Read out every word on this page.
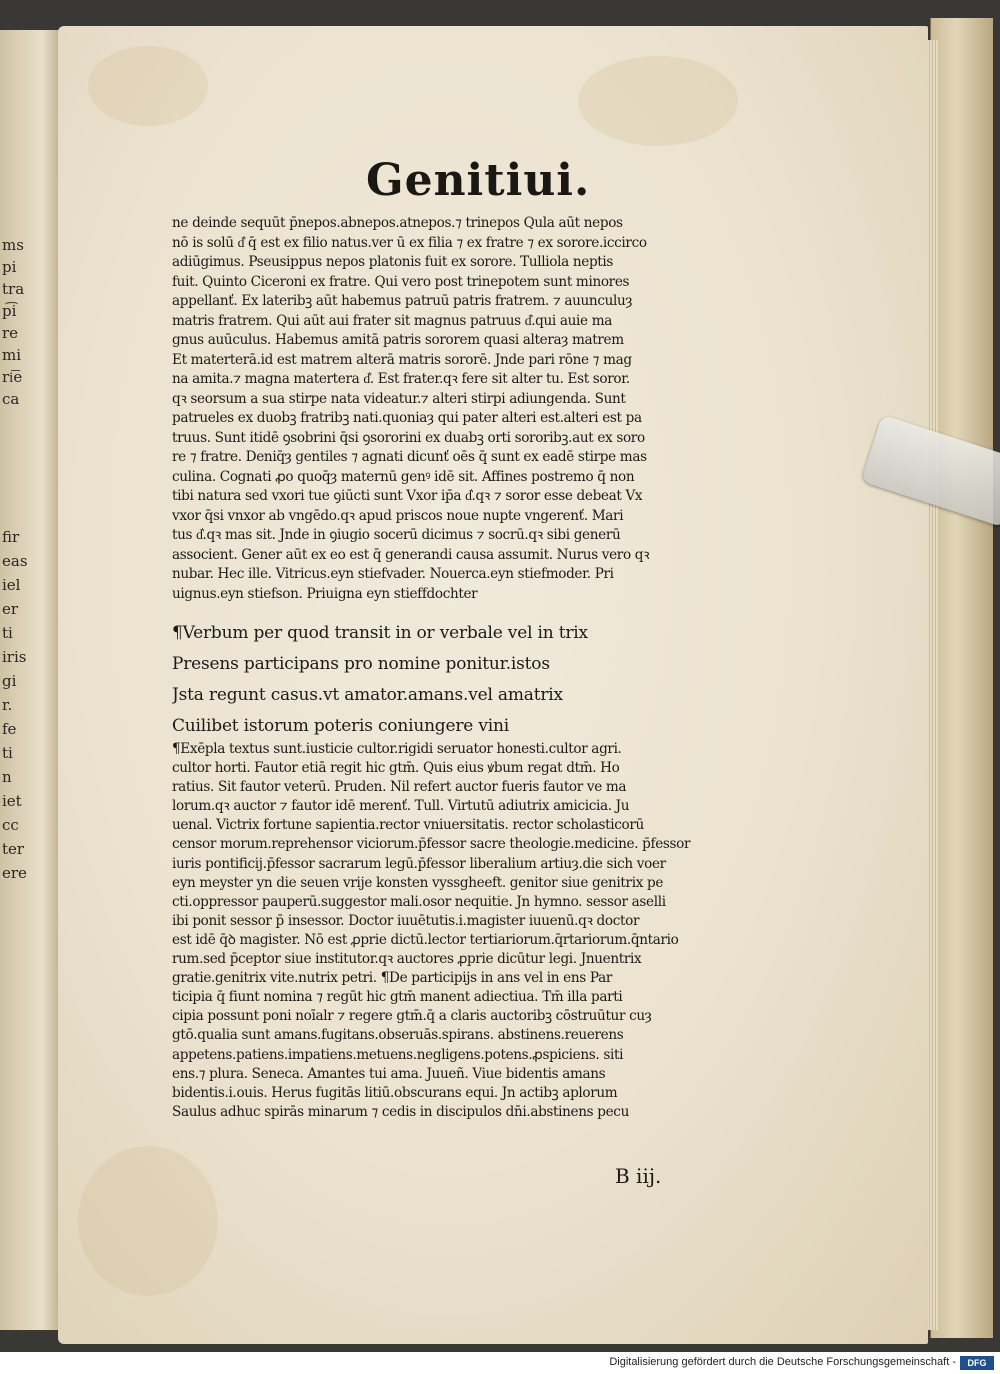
ms
pi
tra
p͡i
re
mi
ri͞e
ca
fir
eas
iel
er
ti
iris
gi
r.
fe
ti
n
iet
cc
ter
ere
Genitiui.
ne deinde sequūt p̄nepos.abnepos.atnepos.⁊ trinepos Qula aūt nepos
nō is solū d͛ q̄ est ex filio natus.ver ū ex filia ⁊ ex fratre ⁊ ex sorore.iccirco
adiūgimus. Pseusippus nepos platonis fuit ex sorore. Tulliola neptis
fuit. Quinto Ciceroni ex fratre. Qui vero post trinepotem sunt minores
appellanť. Ex lateribꝫ aūt habemus patruū patris fratrem. ⁊ auunculuȝ
matris fratrem. Qui aūt aui frater sit magnus patruus d͛.qui auie ma
gnus auūculus. Habemus amitā patris sororem quasi alteraȝ matrem
Et materterā.id est matrem alterā matris sororē. Jnde pari rōne ⁊ mag
na amita.⁊ magna matertera d͛. Est frater.qꝛ fere sit alter tu. Est soror.
qꝛ seorsum a sua stirpe nata videatur.⁊ alteri stirpi adiungenda. Sunt
patrueles ex duobꝫ fratribꝫ nati.quoniaȝ qui pater alteri est.alteri est pa
truus. Sunt itidē ꝯsobrini q̄si ꝯsororini ex duabꝫ orti sororibꝫ.aut ex soro
re ⁊ fratre. Deniq̄ȝ gentiles ⁊ agnati dicunť oēs q̄ sunt ex eadē stirpe mas
culina. Cognati ꝓo quoq̄ȝ maternū genꝰ idē sit. Affines postremo q̄ non
tibi natura sed vxori tue ꝯiūcti sunt Vxor ip̄a d͛.qꝛ ⁊ soror esse debeat Vx
vxor q̄si vnxor ab vngēdo.qꝛ apud priscos noue nupte vngerenť. Mari
tus d͛.qꝛ mas sit. Jnde in ꝯiugio socerū dicimus ⁊ socrū.qꝛ sibi generū
associent. Gener aūt ex eo est q̄ generandi causa assumit. Nurus vero qꝛ
nubar. Hec ille. Vitricus.eyn stiefvader. Nouerca.eyn stiefmoder. Pri
uignus.eyn stiefson. Priuigna eyn stieffdochter
¶Verbum per quod transit in or verbale vel in trix
Presens participans pro nomine ponitur.istos
Jsta regunt casus.vt amator.amans.vel amatrix
Cuilibet istorum poteris coniungere vini
¶Exēpla textus sunt.iusticie cultor.rigidi seruator honesti.cultor agri.
cultor horti. Fautor etiā regit hic gtm̄. Quis eius ꝟbum regat dtm̄. Ho
ratius. Sit fautor veterū. Pruden. Nil refert auctor fueris fautor ve ma
lorum.qꝛ auctor ⁊ fautor idē merenť. Tull. Virtutū adiutrix amicicia. Ju
uenal. Victrix fortune sapientia.rector vniuersitatis. rector scholasticorū
censor morum.reprehensor viciorum.p̄fessor sacre theologie.medicine. p̄fessor
iuris pontificij.p̄fessor sacrarum legū.p̄fessor liberalium artiuȝ.die sich voer
eyn meyster yn die seuen vrije konsten vyssgheeft. genitor siue genitrix pe
cti.oppressor pauperū.suggestor mali.osor nequitie. Jn hymno. sessor aselli
ibi ponit sessor p̄ insessor. Doctor iuuētutis.i.magister iuuenū.qꝛ doctor
est idē q̄ꝺ magister. Nō est ꝓprie dictū.lector tertiariorum.q̄rtariorum.q̄ntario
rum.sed p̄ceptor siue institutor.qꝛ auctores ꝓprie dicūtur legi. Jnuentrix
gratie.genitrix vite.nutrix petri. ¶De participijs in ans vel in ens Par
ticipia q̄ fiunt nomina ⁊ regūt hic gtm̄ manent adiectiua. Tm̄ illa parti
cipia possunt poni noīalr ⁊ regere gtm̄.q̄ a claris auctoribꝫ cōstruūtur cuȝ
gtō.qualia sunt amans.fugitans.obseruās.spirans. abstinens.reuerens
appetens.patiens.impatiens.metuens.negligens.potens.ꝓspiciens. siti
ens.⁊ plura. Seneca. Amantes tui ama. Juueñ. Viue bidentis amans
bidentis.i.ouis. Herus fugitās litiū.obscurans equi. Jn actibꝫ aplorum
Saulus adhuc spirās minarum ⁊ cedis in discipulos dn̄i.abstinens pecu
B iij.
Digitalisierung gefördert durch die Deutsche Forschungsgemeinschaft -	DFG
